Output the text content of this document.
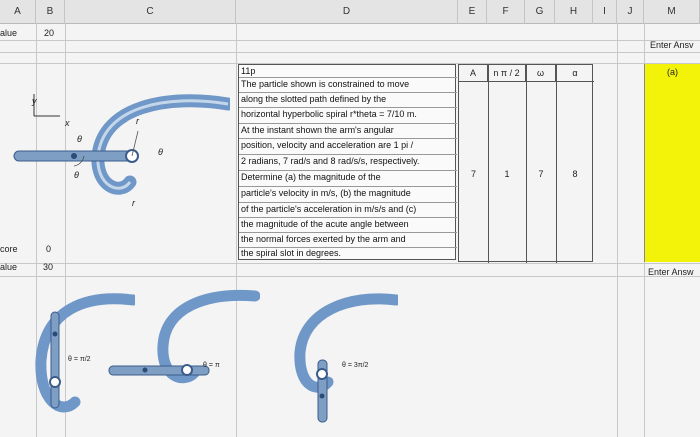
A	B	C	D	E	F	G	H	I	J	M
alue	20
core	0
alue	30
Enter Ansv
Enter Answ
(a)
y
x	r
r
θ
θ
θ
11p
The particle shown is constrained to move
along the slotted path defined by the
horizontal hyperbolic spiral r*theta = 7/10 m.
At the instant shown the arm's angular
position, velocity and acceleration are 1 pi /
2 radians, 7 rad/s and 8 rad/s/s, respectively.
Determine (a) the magnitude of the
particle's velocity in m/s, (b) the magnitude
of the particle's acceleration in m/s/s and (c)
the magnitude of the acute angle between
the normal forces exerted by the arm and
the spiral slot in degrees.
A	n π / 2	ω	α
7	1	7	8
θ = π/2
θ = π	θ = 3π/2
